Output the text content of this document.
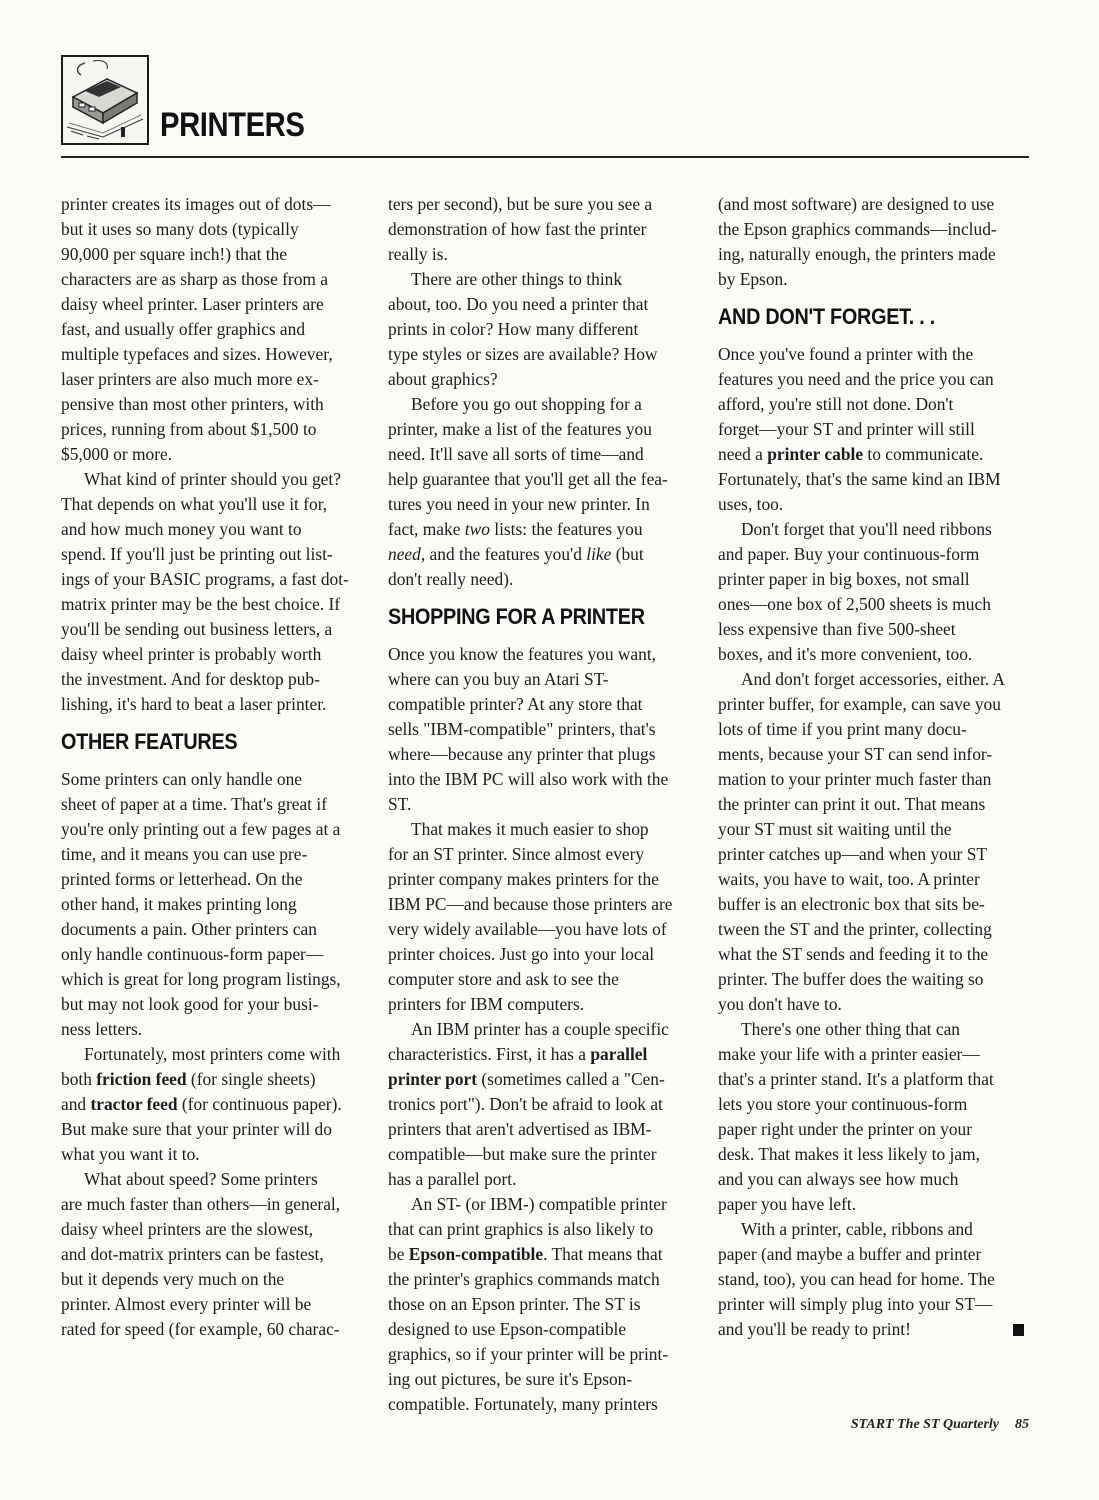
PRINTERS

printer creates its images out of dots—
but it uses so many dots (typically
90,000 per square inch!) that the
characters are as sharp as those from a
daisy wheel printer. Laser printers are
fast, and usually offer graphics and
multiple typefaces and sizes. However,
laser printers are also much more ex-
pensive than most other printers, with
prices, running from about $1,500 to
$5,000 or more.

What kind of printer should you get?
That depends on what you'll use it for,
and how much money you want to
spend. If you'll just be printing out list-
ings of your BASIC programs, a fast dot-
matrix printer may be the best choice. If
you'll be sending out business letters, a
daisy wheel printer is probably worth
the investment. And for desktop pub-
lishing, it's hard to beat a laser printer.

OTHER FEATURES

Some printers can only handle one
sheet of paper at a time. That's great if
you're only printing out a few pages at a
time, and it means you can use pre-
printed forms or letterhead. On the
other hand, it makes printing long
documents a pain. Other printers can
only handle continuous-form paper—
which is great for long program listings,
but may not look good for your busi-
ness letters.

Fortunately, most printers come with
both friction feed (for single sheets)
and tractor feed (for continuous paper).
But make sure that your printer will do
what you want it to.

What about speed? Some printers
are much faster than others—in general,
daisy wheel printers are the slowest,
and dot-matrix printers can be fastest,
but it depends very much on the
printer. Almost every printer will be
rated for speed (for example, 60 charac-

ters per second), but be sure you see a
demonstration of how fast the printer
really is.

There are other things to think
about, too. Do you need a printer that
prints in color? How many different
type styles or sizes are available? How
about graphics?

Before you go out shopping for a
printer, make a list of the features you
need. It'll save all sorts of time—and
help guarantee that you'll get all the fea-
tures you need in your new printer. In
fact, make two lists: the features you
need, and the features you'd like (but
don't really need).

SHOPPING FOR A PRINTER

Once you know the features you want,
where can you buy an Atari ST-
compatible printer? At any store that
sells "IBM-compatible" printers, that's
where—because any printer that plugs
into the IBM PC will also work with the
ST.

That makes it much easier to shop
for an ST printer. Since almost every
printer company makes printers for the
IBM PC—and because those printers are
very widely available—you have lots of
printer choices. Just go into your local
computer store and ask to see the
printers for IBM computers.

An IBM printer has a couple specific
characteristics. First, it has a parallel
printer port (sometimes called a "Cen-
tronics port"). Don't be afraid to look at
printers that aren't advertised as IBM-
compatible—but make sure the printer
has a parallel port.

An ST- (or IBM-) compatible printer
that can print graphics is also likely to
be Epson-compatible. That means that
the printer's graphics commands match
those on an Epson printer. The ST is
designed to use Epson-compatible
graphics, so if your printer will be print-
ing out pictures, be sure it's Epson-
compatible. Fortunately, many printers

(and most software) are designed to use
the Epson graphics commands—includ-
ing, naturally enough, the printers made
by Epson.

AND DON'T FORGET. . .

Once you've found a printer with the
features you need and the price you can
afford, you're still not done. Don't
forget—your ST and printer will still
need a printer cable to communicate.
Fortunately, that's the same kind an IBM
uses, too.

Don't forget that you'll need ribbons
and paper. Buy your continuous-form
printer paper in big boxes, not small
ones—one box of 2,500 sheets is much
less expensive than five 500-sheet
boxes, and it's more convenient, too.

And don't forget accessories, either. A
printer buffer, for example, can save you
lots of time if you print many docu-
ments, because your ST can send infor-
mation to your printer much faster than
the printer can print it out. That means
your ST must sit waiting until the
printer catches up—and when your ST
waits, you have to wait, too. A printer
buffer is an electronic box that sits be-
tween the ST and the printer, collecting
what the ST sends and feeding it to the
printer. The buffer does the waiting so
you don't have to.

There's one other thing that can
make your life with a printer easier—
that's a printer stand. It's a platform that
lets you store your continuous-form
paper right under the printer on your
desk. That makes it less likely to jam,
and you can always see how much
paper you have left.

With a printer, cable, ribbons and
paper (and maybe a buffer and printer
stand, too), you can head for home. The
printer will simply plug into your ST—
and you'll be ready to print!

START The ST Quarterly 85
